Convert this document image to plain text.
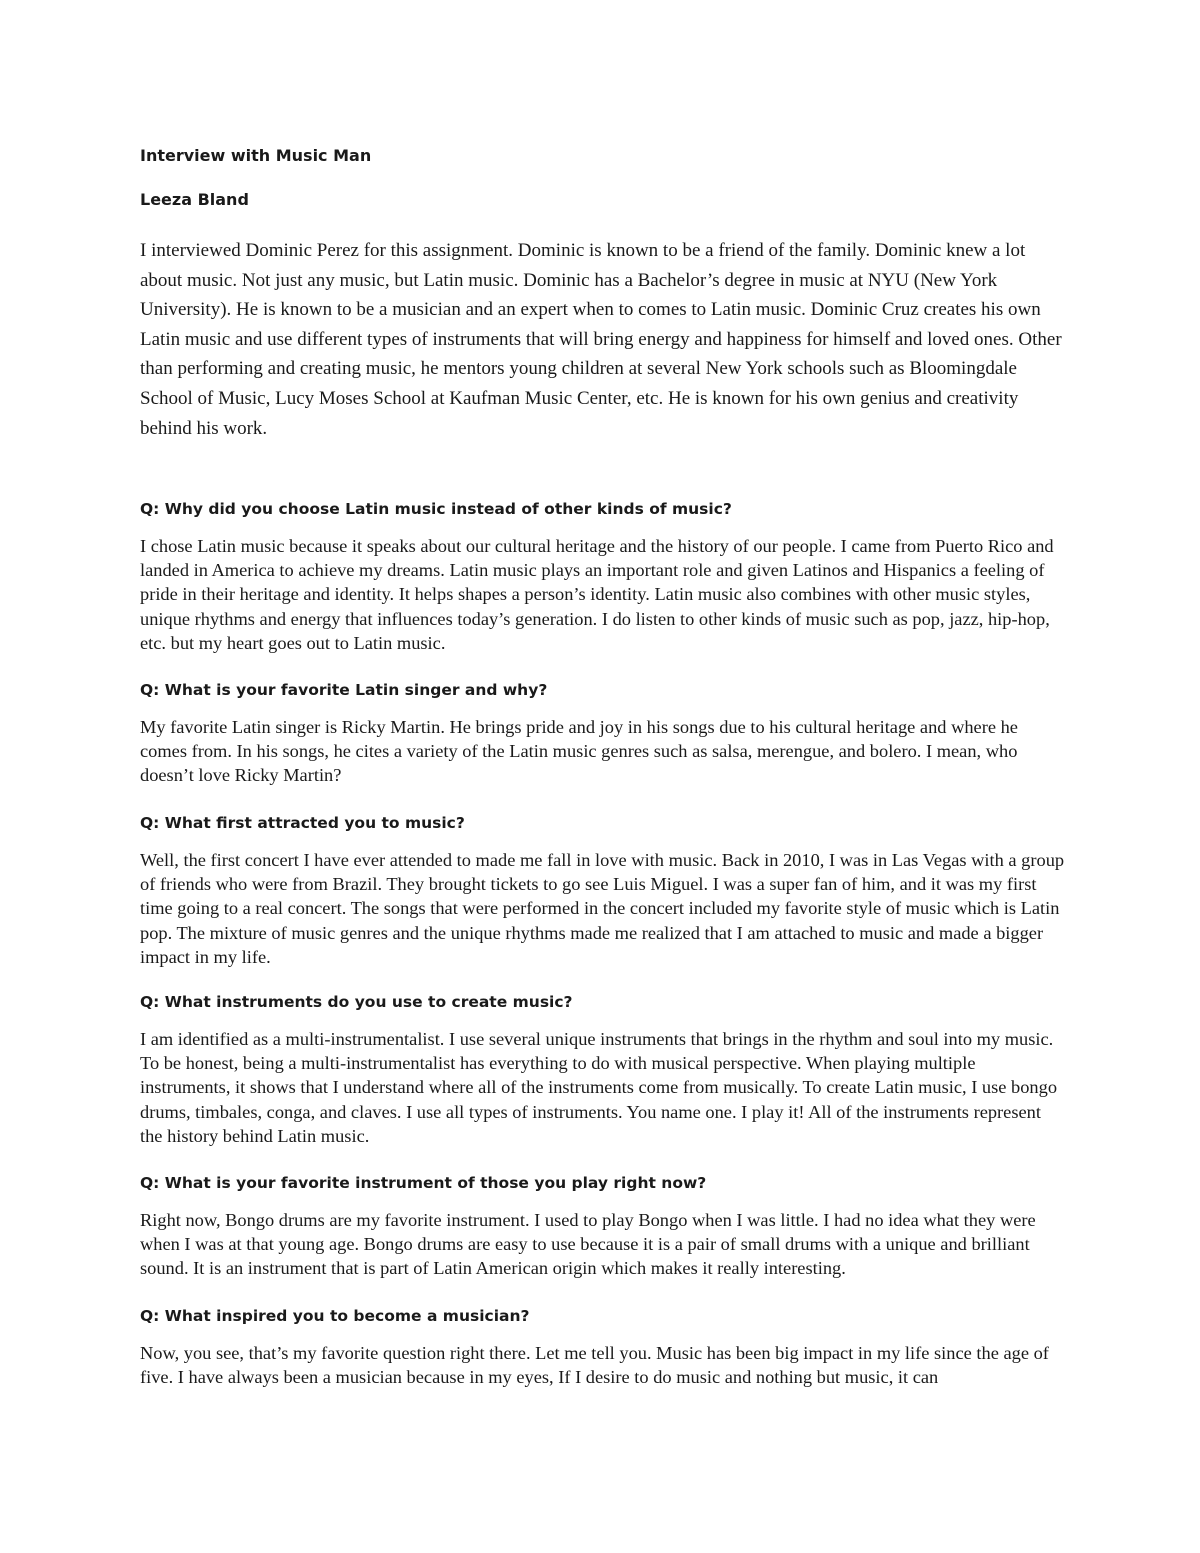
Interview with Music Man
Leeza Bland

I interviewed Dominic Perez for this assignment. Dominic is known to be a friend of the family. Dominic knew a lot about music. Not just any music, but Latin music. Dominic has a Bachelor’s degree in music at NYU (New York University). He is known to be a musician and an expert when to comes to Latin music. Dominic Cruz creates his own Latin music and use different types of instruments that will bring energy and happiness for himself and loved ones. Other than performing and creating music, he mentors young children at several New York schools such as Bloomingdale School of Music, Lucy Moses School at Kaufman Music Center, etc. He is known for his own genius and creativity behind his work.

Q: Why did you choose Latin music instead of other kinds of music?

I chose Latin music because it speaks about our cultural heritage and the history of our people. I came from Puerto Rico and landed in America to achieve my dreams. Latin music plays an important role and given Latinos and Hispanics a feeling of pride in their heritage and identity. It helps shapes a person’s identity. Latin music also combines with other music styles, unique rhythms and energy that influences today’s generation. I do listen to other kinds of music such as pop, jazz, hip-hop, etc. but my heart goes out to Latin music.

Q: What is your favorite Latin singer and why?

My favorite Latin singer is Ricky Martin. He brings pride and joy in his songs due to his cultural heritage and where he comes from. In his songs, he cites a variety of the Latin music genres such as salsa, merengue, and bolero. I mean, who doesn’t love Ricky Martin?

Q: What first attracted you to music?

Well, the first concert I have ever attended to made me fall in love with music. Back in 2010, I was in Las Vegas with a group of friends who were from Brazil. They brought tickets to go see Luis Miguel. I was a super fan of him, and it was my first time going to a real concert. The songs that were performed in the concert included my favorite style of music which is Latin pop. The mixture of music genres and the unique rhythms made me realized that I am attached to music and made a bigger impact in my life.

Q: What instruments do you use to create music?

I am identified as a multi-instrumentalist. I use several unique instruments that brings in the rhythm and soul into my music. To be honest, being a multi-instrumentalist has everything to do with musical perspective. When playing multiple instruments, it shows that I understand where all of the instruments come from musically. To create Latin music, I use bongo drums, timbales, conga, and claves. I use all types of instruments. You name one. I play it! All of the instruments represent the history behind Latin music.

Q: What is your favorite instrument of those you play right now?

Right now, Bongo drums are my favorite instrument. I used to play Bongo when I was little. I had no idea what they were when I was at that young age. Bongo drums are easy to use because it is a pair of small drums with a unique and brilliant sound. It is an instrument that is part of Latin American origin which makes it really interesting.

Q: What inspired you to become a musician?

Now, you see, that’s my favorite question right there. Let me tell you. Music has been big impact in my life since the age of five. I have always been a musician because in my eyes, If I desire to do music and nothing but music, it can
